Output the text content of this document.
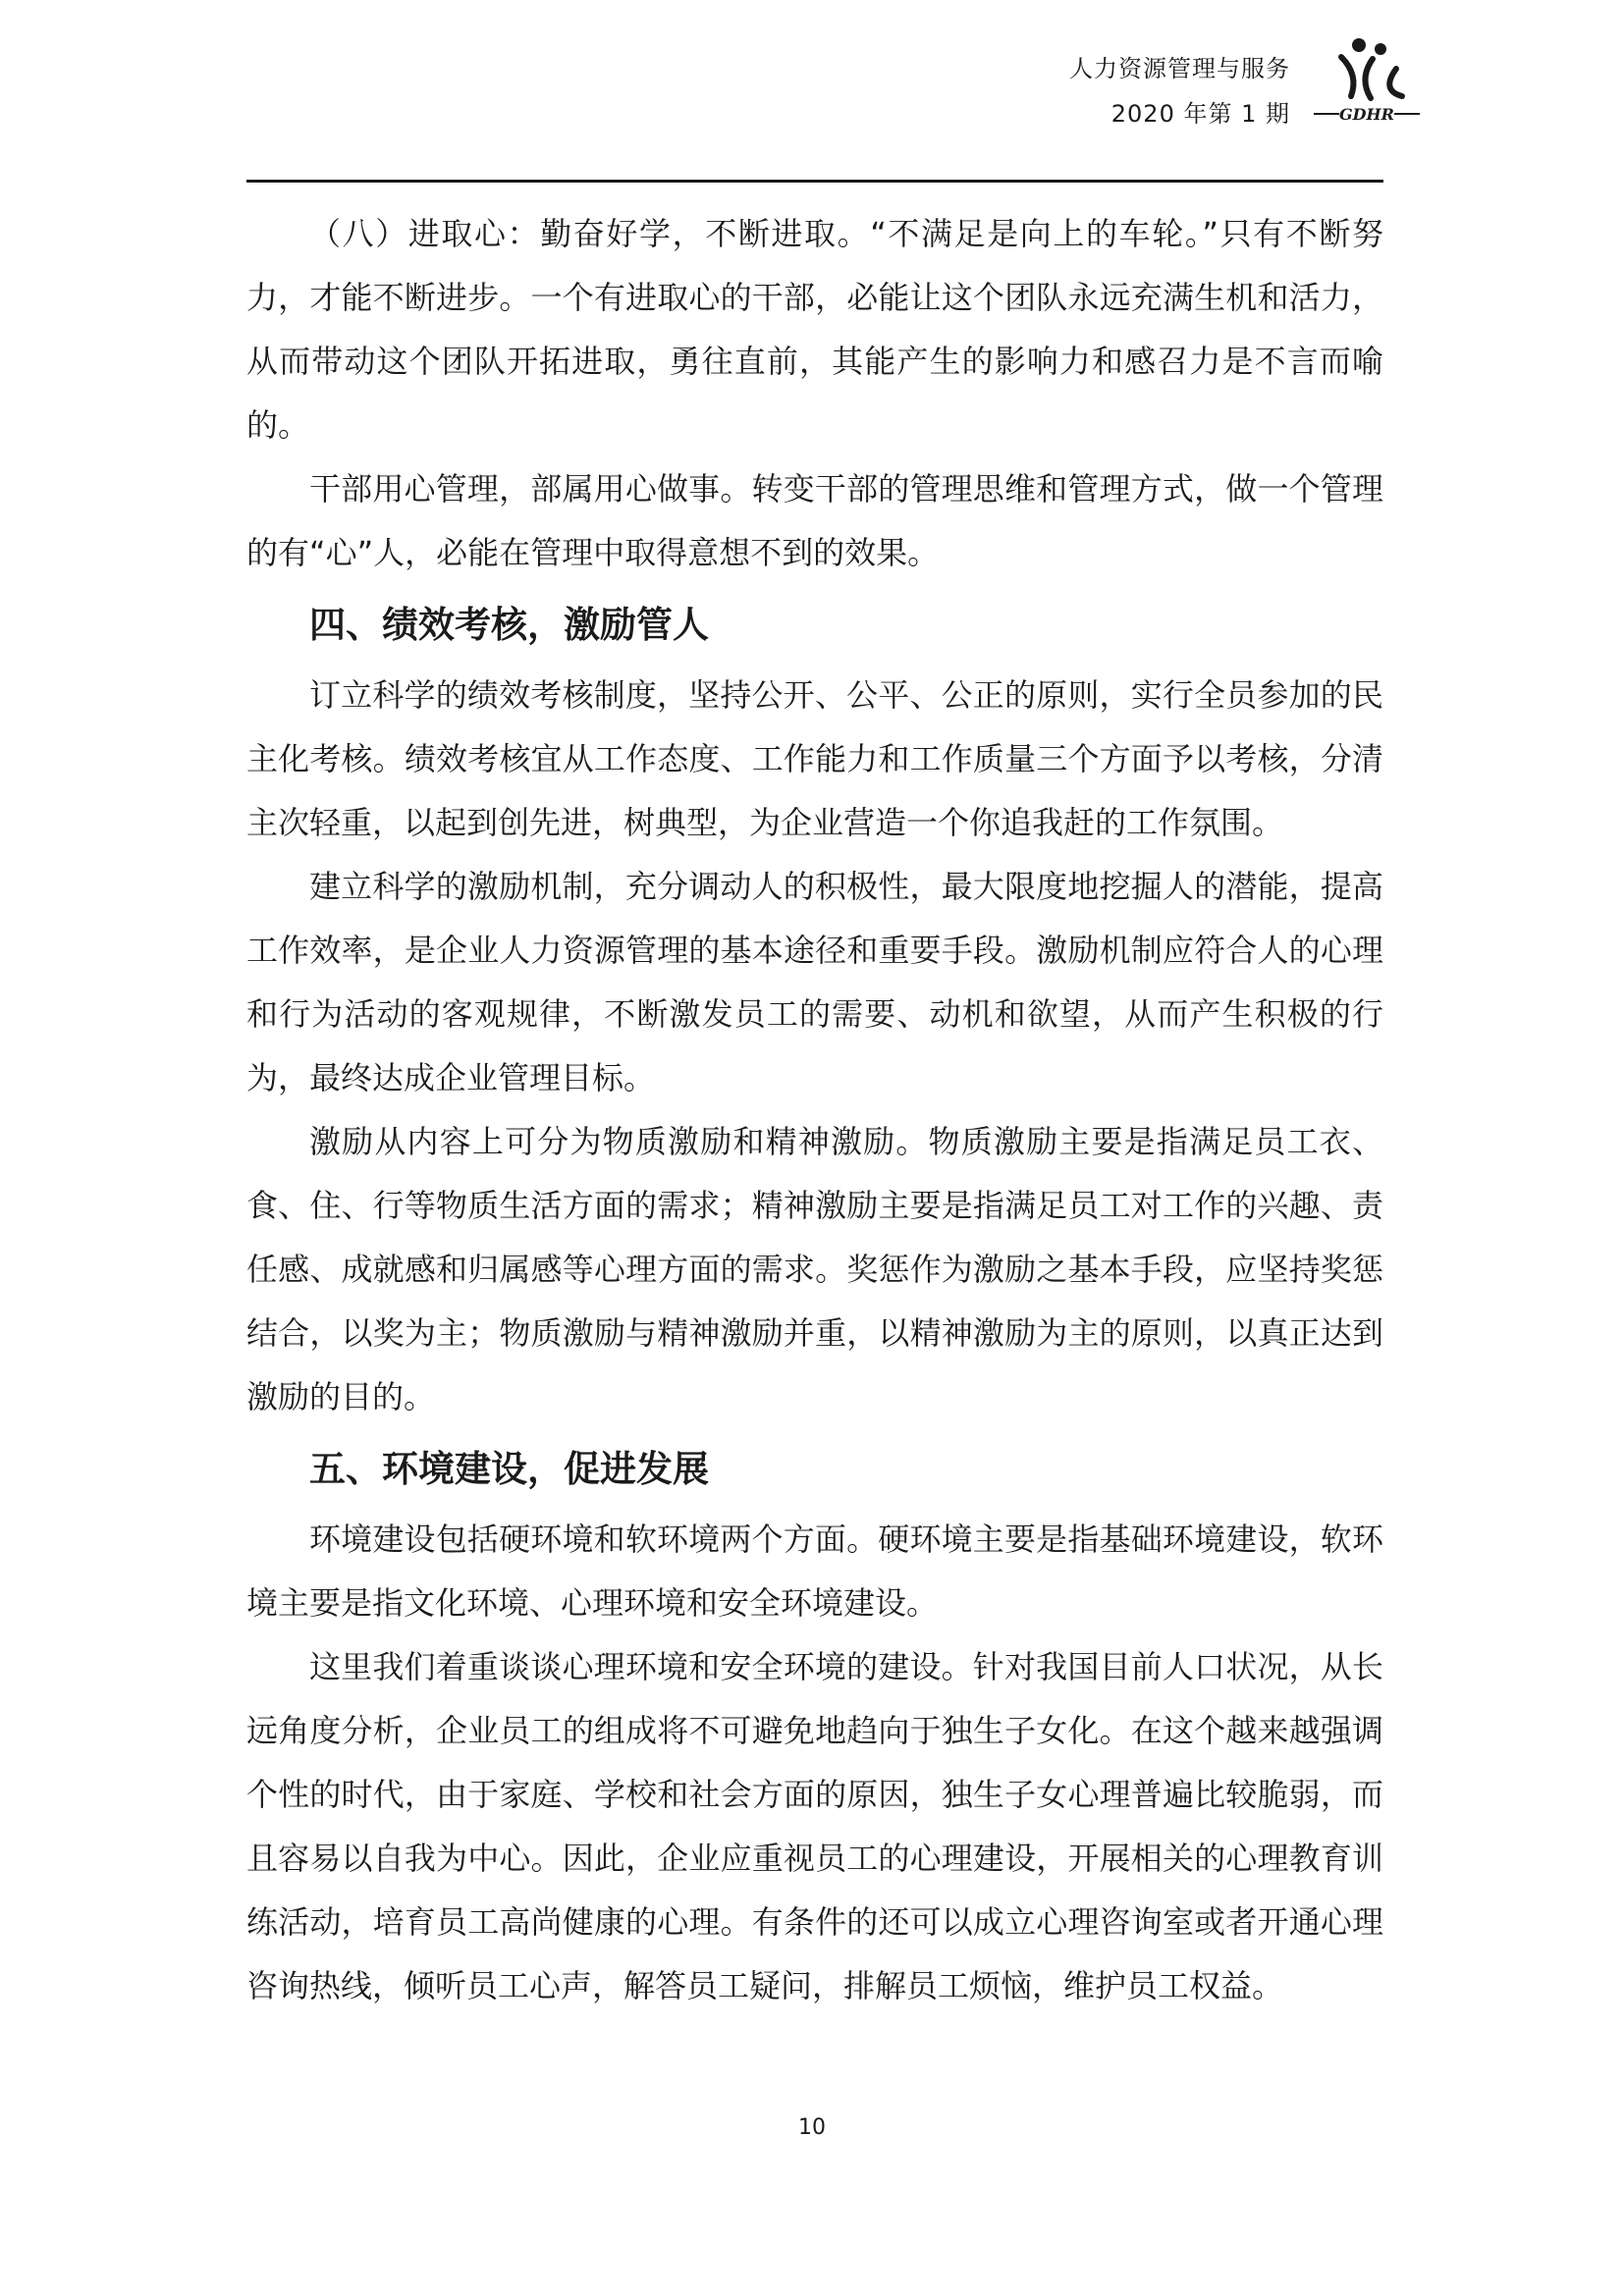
人力资源管理与服务
2020 年第 1 期	GDHR

（八）进取心：勤奋好学，不断进取。“不满足是向上的车轮。”只有不断努力，才能不断进步。一个有进取心的干部，必能让这个团队永远充满生机和活力，从而带动这个团队开拓进取，勇往直前，其能产生的影响力和感召力是不言而喻的。

干部用心管理，部属用心做事。转变干部的管理思维和管理方式，做一个管理的有“心”人，必能在管理中取得意想不到的效果。

四、绩效考核，激励管人

订立科学的绩效考核制度，坚持公开、公平、公正的原则，实行全员参加的民主化考核。绩效考核宜从工作态度、工作能力和工作质量三个方面予以考核，分清主次轻重，以起到创先进，树典型，为企业营造一个你追我赶的工作氛围。

建立科学的激励机制，充分调动人的积极性，最大限度地挖掘人的潜能，提高工作效率，是企业人力资源管理的基本途径和重要手段。激励机制应符合人的心理和行为活动的客观规律，不断激发员工的需要、动机和欲望，从而产生积极的行为，最终达成企业管理目标。

激励从内容上可分为物质激励和精神激励。物质激励主要是指满足员工衣、食、住、行等物质生活方面的需求；精神激励主要是指满足员工对工作的兴趣、责任感、成就感和归属感等心理方面的需求。奖惩作为激励之基本手段，应坚持奖惩结合，以奖为主；物质激励与精神激励并重，以精神激励为主的原则，以真正达到激励的目的。

五、环境建设，促进发展

环境建设包括硬环境和软环境两个方面。硬环境主要是指基础环境建设，软环境主要是指文化环境、心理环境和安全环境建设。

这里我们着重谈谈心理环境和安全环境的建设。针对我国目前人口状况，从长远角度分析，企业员工的组成将不可避免地趋向于独生子女化。在这个越来越强调个性的时代，由于家庭、学校和社会方面的原因，独生子女心理普遍比较脆弱，而且容易以自我为中心。因此，企业应重视员工的心理建设，开展相关的心理教育训练活动，培育员工高尚健康的心理。有条件的还可以成立心理咨询室或者开通心理咨询热线，倾听员工心声，解答员工疑问，排解员工烦恼，维护员工权益。

10
